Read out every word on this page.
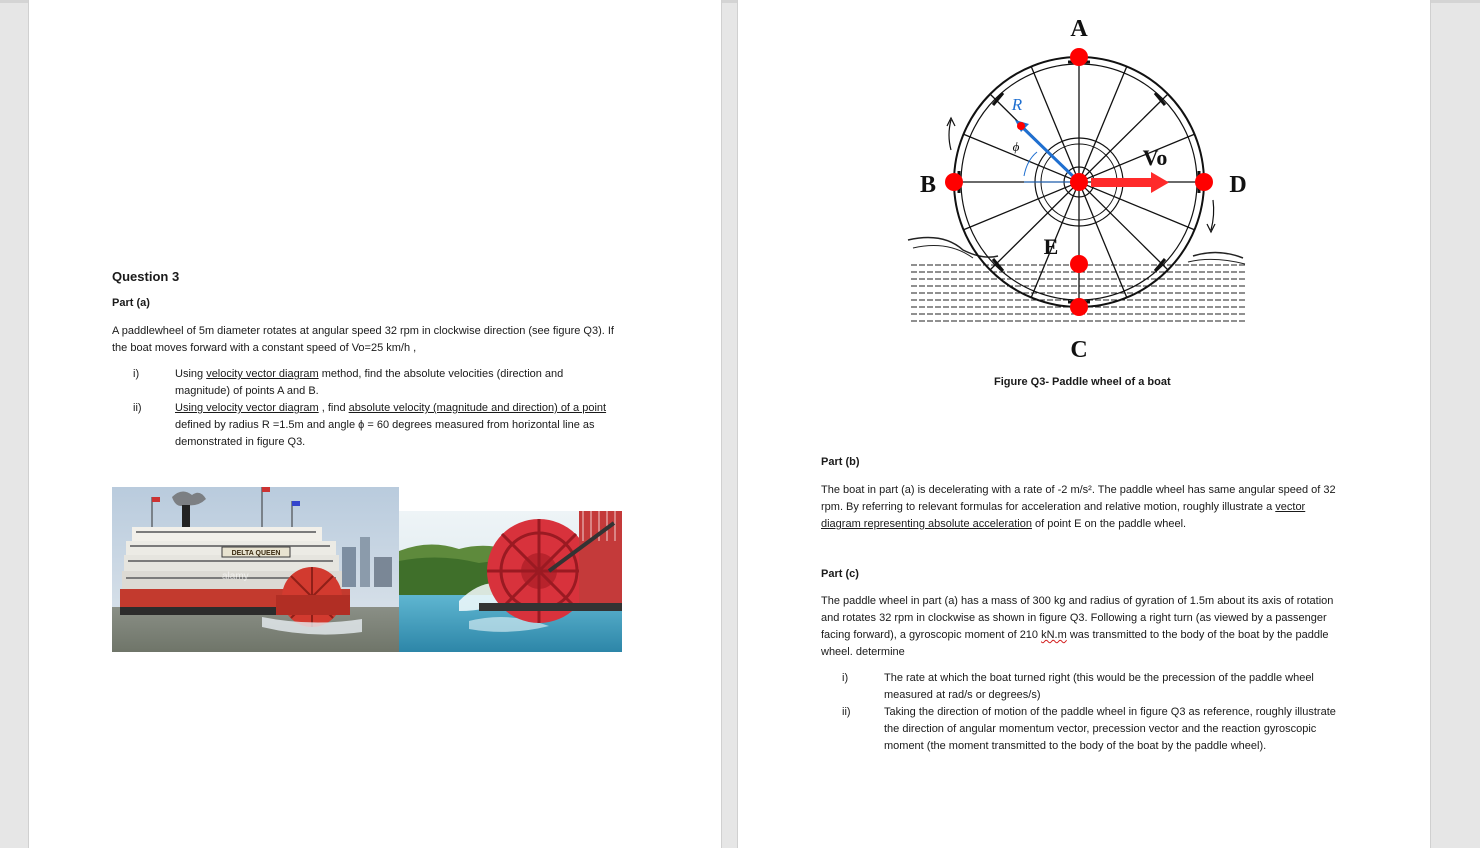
Question 3
Part (a)
A paddlewheel of 5m diameter rotates at angular speed 32 rpm in clockwise direction (see figure Q3). If the boat moves forward with a constant speed of Vo=25 km/h ,
i)	Using velocity vector diagram method, find the absolute velocities (direction and magnitude) of points A and B.
ii)	Using velocity vector diagram , find absolute velocity (magnitude and direction) of a point defined by radius R =1.5m and angle ϕ = 60 degrees measured from horizontal line as demonstrated in figure Q3.
DELTA QUEEN
alamy
A
B	D
C
E
R
ϕ	Vo
Figure Q3- Paddle wheel of a boat
Part (b)
The boat in part (a) is decelerating with a rate of -2 m/s². The paddle wheel has same angular speed of 32 rpm. By referring to relevant formulas for acceleration and relative motion, roughly illustrate a vector diagram representing absolute acceleration of point E on the paddle wheel.
Part (c)
The paddle wheel in part (a) has a mass of 300 kg and radius of gyration of 1.5m about its axis of rotation and rotates 32 rpm in clockwise as shown in figure Q3. Following a right turn (as viewed by a passenger facing forward), a gyroscopic moment of 210 kN.m was transmitted to the body of the boat by the paddle wheel. determine
i)	The rate at which the boat turned right (this would be the precession of the paddle wheel measured at rad/s or degrees/s)
ii)	Taking the direction of motion of the paddle wheel in figure Q3 as reference, roughly illustrate the direction of angular momentum vector, precession vector and the reaction gyroscopic moment (the moment transmitted to the body of the boat by the paddle wheel).
